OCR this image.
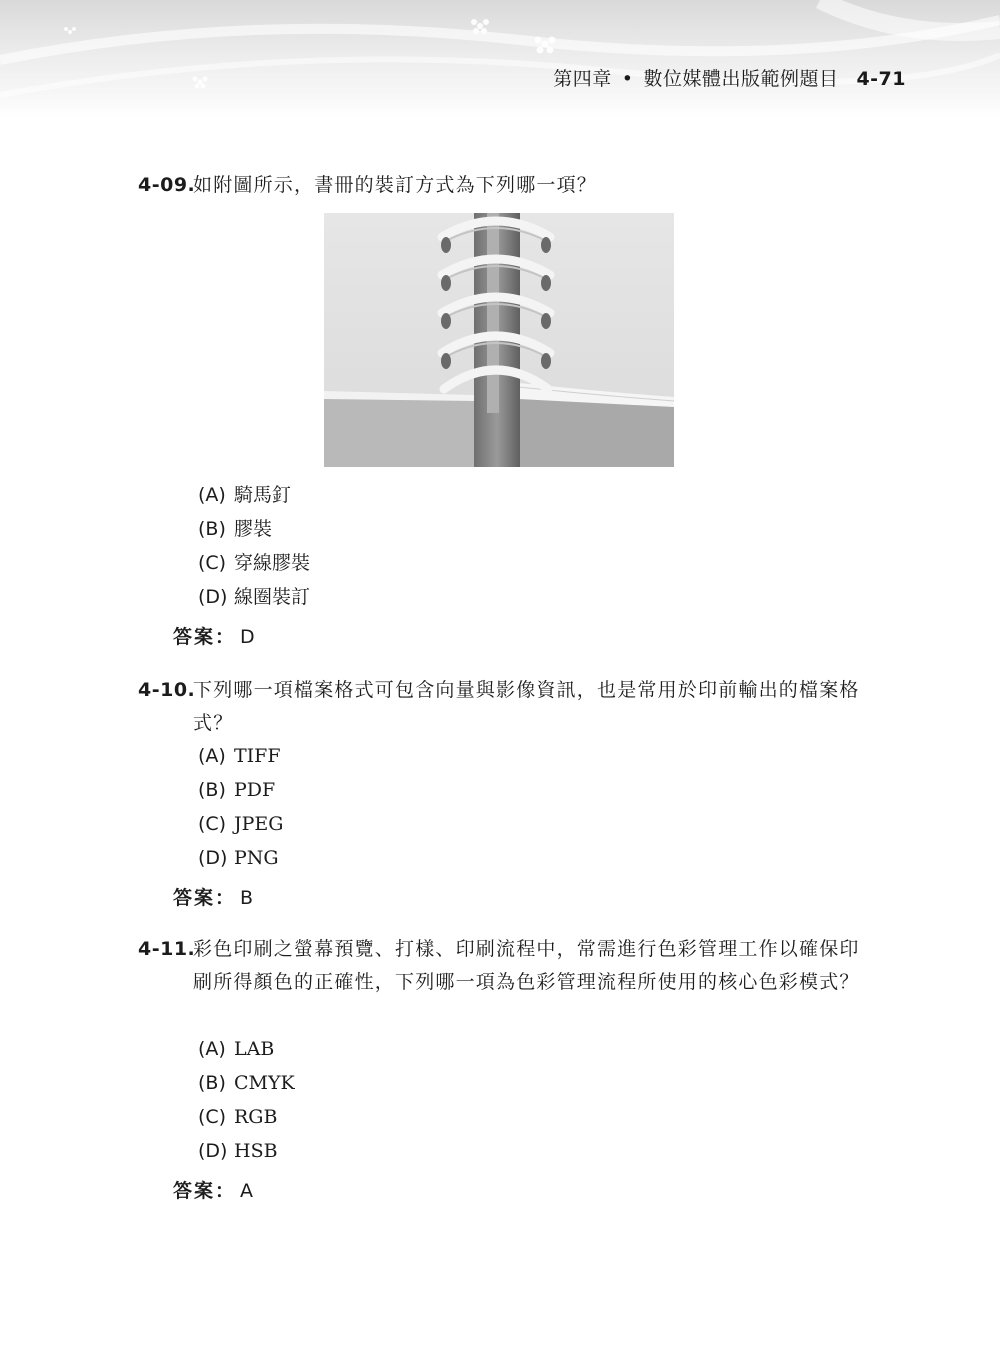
第四章 • 數位媒體出版範例題目 4-71
4-09.
如附圖所示，書冊的裝訂方式為下列哪一項？
(A) 騎馬釘
(B) 膠裝
(C) 穿線膠裝
(D) 線圈裝訂
答案： D
4-10.
下列哪一項檔案格式可包含向量與影像資訊，也是常用於印前輸出的檔案格式？
(A) TIFF
(B) PDF
(C) JPEG
(D) PNG
答案： B
4-11.
彩色印刷之螢幕預覽、打樣、印刷流程中，常需進行色彩管理工作以確保印刷所得顏色的正確性，下列哪一項為色彩管理流程所使用的核心色彩模式？
(A) LAB
(B) CMYK
(C) RGB
(D) HSB
答案： A
